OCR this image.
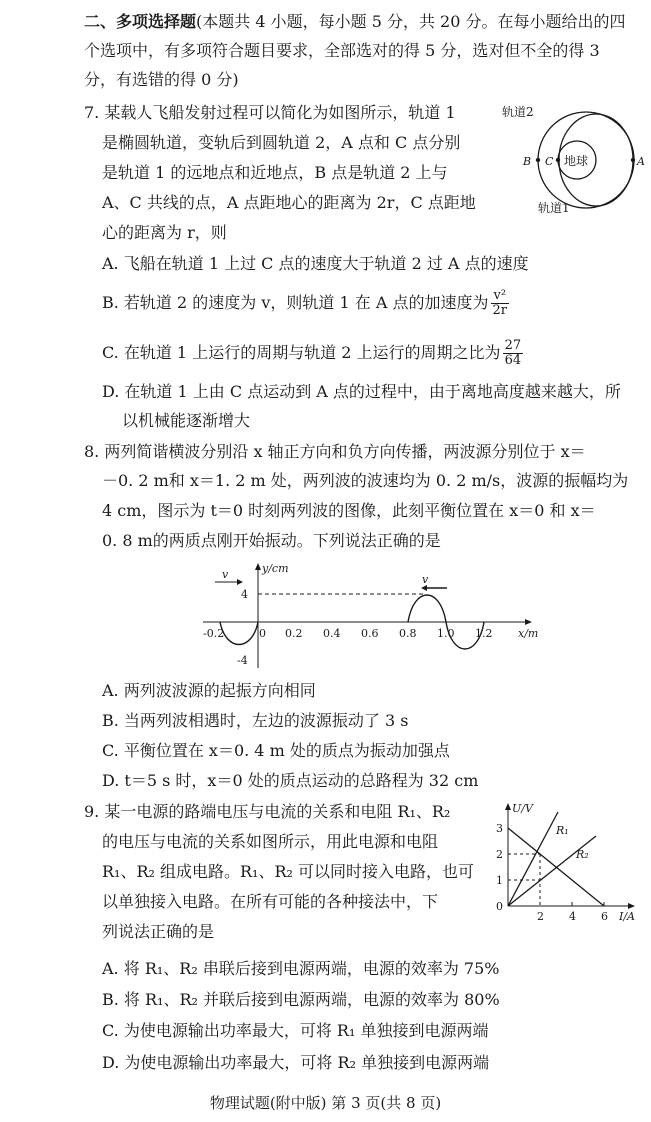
二、多项选择题(本题共 4 小题，每小题 5 分，共 20 分。在每小题给出的四
个选项中，有多项符合题目要求，全部选对的得 5 分，选对但不全的得 3
分，有选错的得 0 分)
7. 某载人飞船发射过程可以简化为如图所示，轨道 1
是椭圆轨道，变轨后到圆轨道 2，A 点和 C 点分别
是轨道 1 的远地点和近地点，B 点是轨道 2 上与
A、C 共线的点，A 点距地心的距离为 2r，C 点距地
心的距离为 r，则
轨道2
轨道1
地球
B C	A
A. 飞船在轨道 1 上过 C 点的速度大于轨道 2 过 A 点的速度
B. 若轨道 2 的速度为 v，则轨道 1 在 A 点的加速度为 $\frac{\text{v²}}{2r}$
C. 在轨道 1 上运行的周期与轨道 2 上运行的周期之比为 $\frac{27}{64}$
D. 在轨道 1 上由 C 点运动到 A 点的过程中，由于离地高度越来越大，所
以机械能逐渐增大
8. 两列简谐横波分别沿 x 轴正方向和负方向传播，两波源分别位于 x＝
－0. 2 m和 x＝1. 2 m 处，两列波的波速均为 0. 2 m/s，波源的振幅均为
4 cm，图示为 t＝0 时刻两列波的图像，此刻平衡位置在 x＝0 和 x＝
0. 8 m的两质点刚开始振动。下列说法正确的是
y/cm
x/m
4
-4
v	v
-0.2	0 0.2 0.4 0.6 0.8 1.0 1.2
A. 两列波波源的起振方向相同
B. 当两列波相遇时，左边的波源振动了 3 s
C. 平衡位置在 x＝0. 4 m 处的质点为振动加强点
D. t＝5 s 时，x＝0 处的质点运动的总路程为 32 cm
9. 某一电源的路端电压与电流的关系和电阻 R₁、R₂
的电压与电流的关系如图所示，用此电源和电阻
R₁、R₂ 组成电路。R₁、R₂ 可以同时接入电路，也可
以单独接入电路。在所有可能的各种接法中，下
列说法正确的是
U/V
I/A
3
2
1
0
2 4 6
R₁
R₂
A. 将 R₁、R₂ 串联后接到电源两端，电源的效率为 75%
B. 将 R₁、R₂ 并联后接到电源两端，电源的效率为 80%
C. 为使电源输出功率最大，可将 R₁ 单独接到电源两端
D. 为使电源输出功率最大，可将 R₂ 单独接到电源两端
物理试题(附中版) 第 3 页(共 8 页)
